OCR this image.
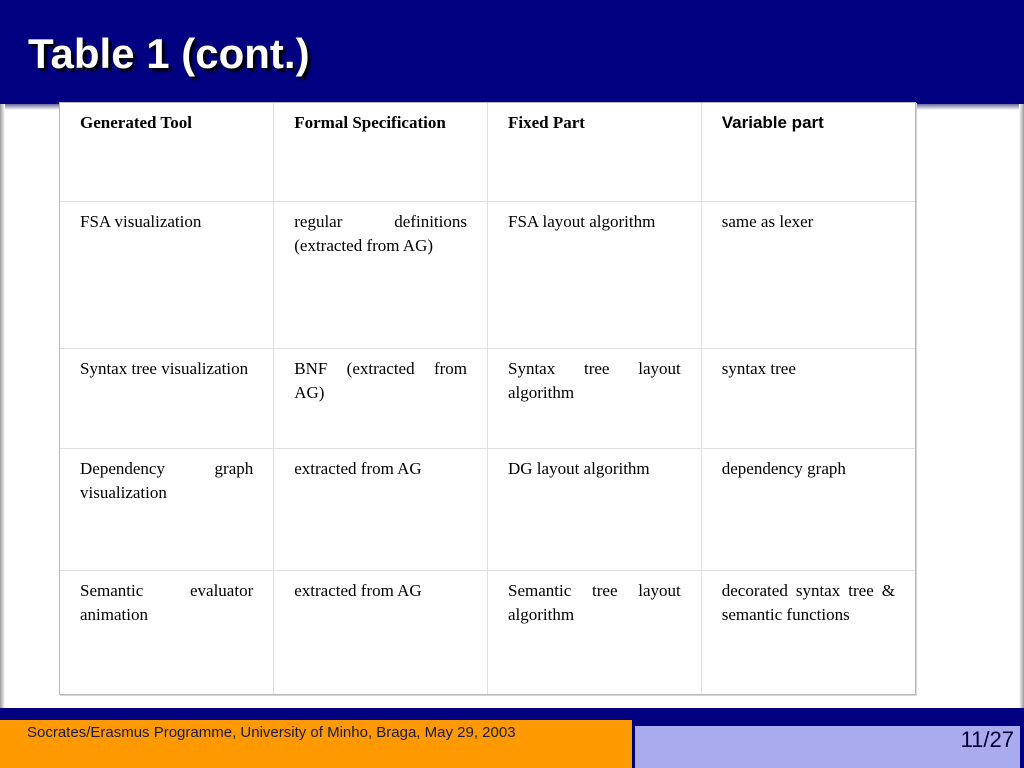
Table 1 (cont.)
Generated Tool	Formal Specification	Fixed Part	Variable part
FSA visualization	regular definitions (extracted from AG)	FSA layout algorithm	same as lexer
Syntax tree visualization	BNF (extracted from AG)	Syntax tree layout algorithm	syntax tree
Dependency graph visualization	extracted from AG	DG layout algorithm	dependency graph
Semantic evaluator animation	extracted from AG	Semantic tree layout algorithm	decorated syntax tree & semantic functions
Socrates/Erasmus Programme, University of Minho, Braga, May 29, 2003	11/27
